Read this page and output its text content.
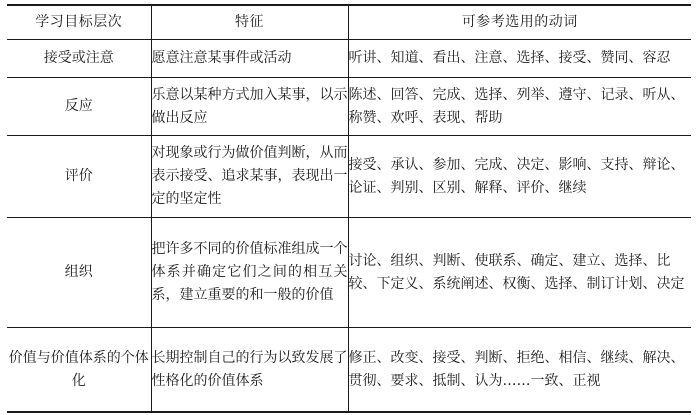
学习目标层次	特征	可参考选用的动词
接受或注意	愿意注意某事件或活动	听讲、知道、看出、注意、选择、接受、赞同、容忍
反应	乐意以某种方式加入某事，以示做出反应	陈述、回答、完成、选择、列举、遵守、记录、听从、称赞、欢呼、表现、帮助
评价	对现象或行为做价值判断，从而表示接受、追求某事，表现出一定的坚定性	接受、承认、参加、完成、决定、影响、支持、辩论、论证、判别、区别、解释、评价、继续
组织	把许多不同的价值标准组成一个体系并确定它们之间的相互关系，建立重要的和一般的价值	讨论、组织、判断、使联系、确定、建立、选择、比较、下定义、系统阐述、权衡、选择、制订计划、决定
价值与价值体系的个体化	长期控制自己的行为以致发展了性格化的价值体系	修正、改变、接受、判断、拒绝、相信、继续、解决、贯彻、要求、抵制、认为……一致、正视
